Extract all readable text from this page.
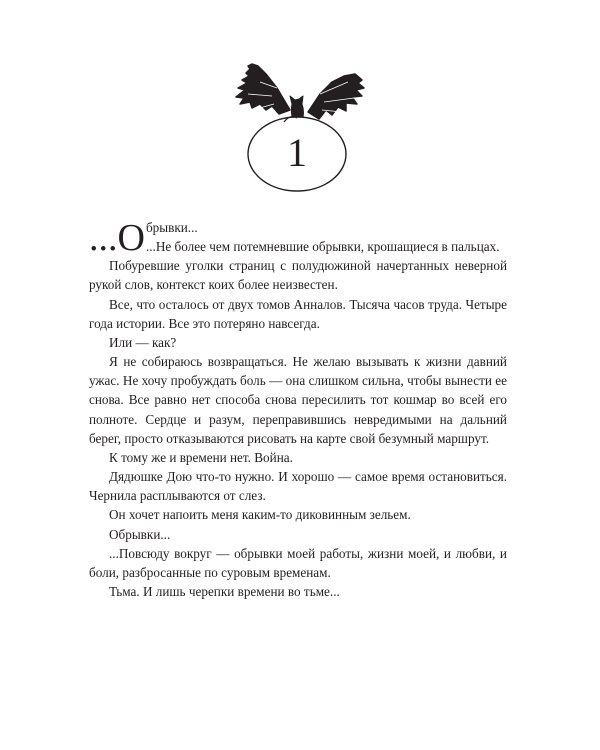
1

...О брывки...
...Не более чем потемневшие обрывки, крошащиеся в пальцах.

Побуревшие уголки страниц с полудюжиной начертанных неверной рукой слов, контекст коих более неизвестен.

Все, что осталось от двух томов Анналов. Тысяча часов труда. Четыре года истории. Все это потеряно навсегда.

Или — как?

Я не собираюсь возвращаться. Не желаю вызывать к жизни давний ужас. Не хочу пробуждать боль — она слишком сильна, чтобы вынести ее снова. Все равно нет способа снова пересилить тот кошмар во всей его полноте. Сердце и разум, переправившись невредимыми на дальний берег, просто отказываются рисовать на карте свой безумный маршрут.

К тому же и времени нет. Война.

Дядюшке Дою что-то нужно. И хорошо — самое время остановиться. Чернила расплываются от слез.

Он хочет напоить меня каким-то диковинным зельем.

Обрывки...

...Повсюду вокруг — обрывки моей работы, жизни моей, и любви, и боли, разбросанные по суровым временам.

Тьма. И лишь черепки времени во тьме...
